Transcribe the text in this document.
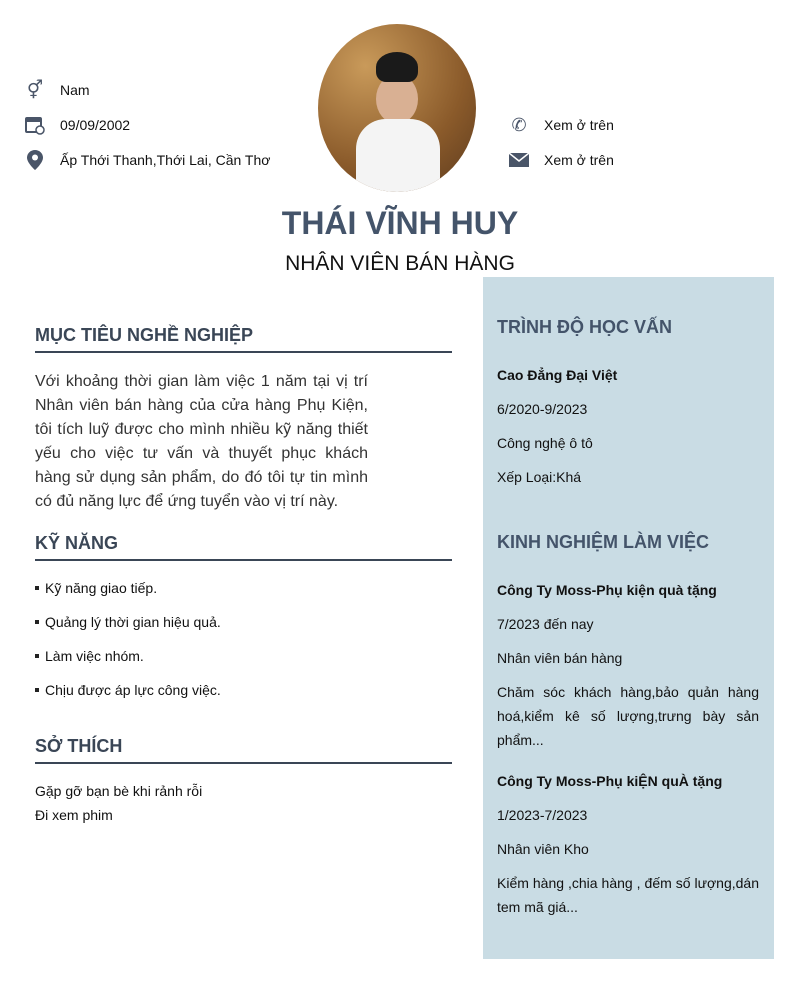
⚥ Nam
09/09/2002
Ấp Thới Thanh,Thới Lai, Cần Thơ
✆ Xem ở trên
Xem ở trên
THÁI VĨNH HUY
NHÂN VIÊN BÁN HÀNG
MỤC TIÊU NGHỀ NGHIỆP
Với khoảng thời gian làm việc 1 năm tại vị trí Nhân viên bán hàng của cửa hàng Phụ Kiện, tôi tích luỹ được cho mình nhiều kỹ năng thiết yếu cho việc tư vấn và thuyết phục khách hàng sử dụng sản phẩm, do đó tôi tự tin mình có đủ năng lực để ứng tuyển vào vị trí này.
KỸ NĂNG
Kỹ năng giao tiếp.
Quảng lý thời gian hiệu quả.
Làm việc nhóm.
Chịu được áp lực công việc.
SỞ THÍCH
Gặp gỡ bạn bè khi rảnh rỗi
Đi xem phim
TRÌNH ĐỘ HỌC VẤN
Cao Đẳng Đại Việt
6/2020-9/2023
Công nghệ ô tô
Xếp Loại:Khá
KINH NGHIỆM LÀM VIỆC
Công Ty Moss-Phụ kiện quà tặng
7/2023 đến nay
Nhân viên bán hàng
Chăm sóc khách hàng,bảo quản hàng hoá,kiểm kê số lượng,trưng bày sản phẩm...
Công Ty Moss-Phụ kiỆN quÀ tặng
1/2023-7/2023
Nhân viên Kho
Kiểm hàng ,chia hàng , đếm số lượng,dán tem mã giá...
